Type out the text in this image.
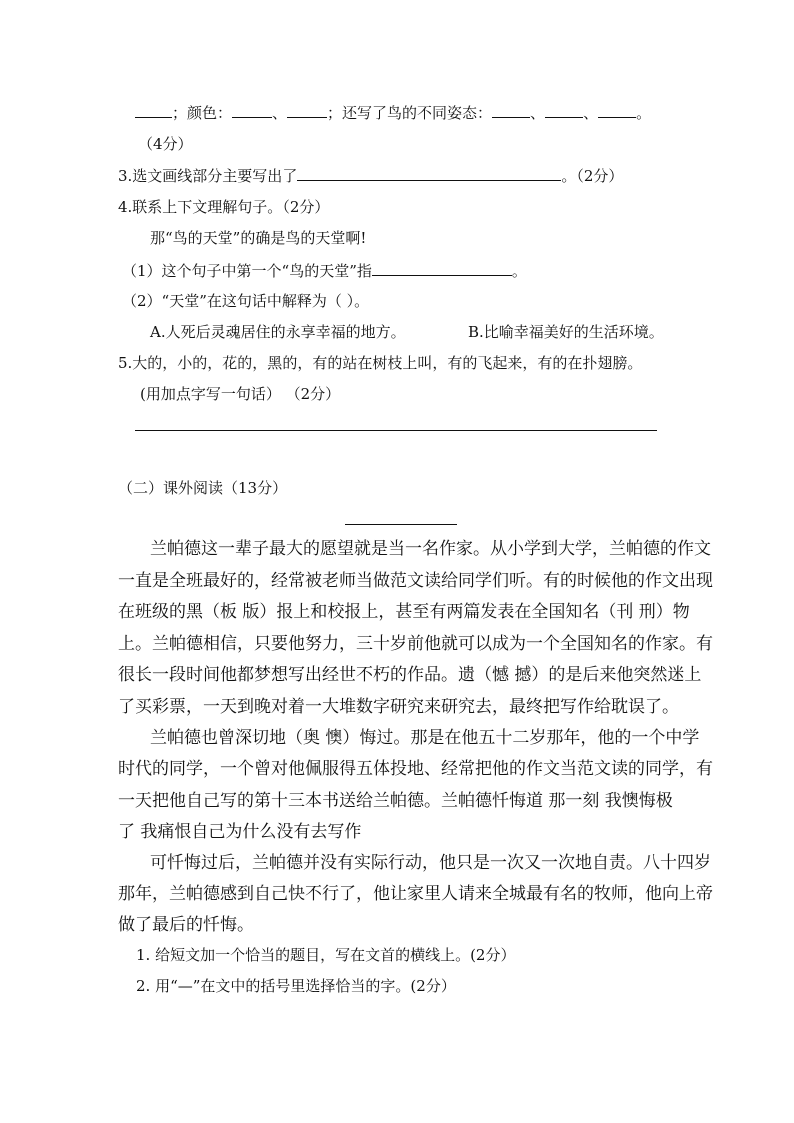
；颜色：	、	；还写了鸟的不同姿态：	、	、	。
（4分）
3.选文画线部分主要写出了	。（2分）
4.联系上下文理解句子。（2分）
那“鸟的天堂”的确是鸟的天堂啊!
（1）这个句子中第一个“鸟的天堂”指	。
（2）“天堂”在这句话中解释为（ ）。
A.人死后灵魂居住的永享幸福的地方。	B.比喻幸福美好的生活环境。
5.大的，小的，花的，黑的，有的站在树枝上叫，有的飞起来，有的在扑翅膀。
(用加点字写一句话） （2分）
（二）课外阅读（13分）
兰帕德这一辈子最大的愿望就是当一名作家。从小学到大学，兰帕德的作文
一直是全班最好的，经常被老师当做范文读给同学们听。有的时候他的作文出现
在班级的黑（板 版）报上和校报上，甚至有两篇发表在全国知名（刊 刑）物
上。兰帕德相信，只要他努力，三十岁前他就可以成为一个全国知名的作家。有
很长一段时间他都梦想写出经世不朽的作品。遗（憾 撼）的是后来他突然迷上
了买彩票，一天到晚对着一大堆数字研究来研究去，最终把写作给耽误了。
兰帕德也曾深切地（奥 懊）悔过。那是在他五十二岁那年，他的一个中学
时代的同学，一个曾对他佩服得五体投地、经常把他的作文当范文读的同学，有
一天把他自己写的第十三本书送给兰帕德。兰帕德忏悔道 那一刻 我懊悔极
了 我痛恨自己为什么没有去写作
可忏悔过后，兰帕德并没有实际行动，他只是一次又一次地自责。八十四岁
那年，兰帕德感到自己快不行了，他让家里人请来全城最有名的牧师，他向上帝
做了最后的忏悔。
1. 给短文加一个恰当的题目，写在文首的横线上。(2分）
2. 用“—”在文中的括号里选择恰当的字。(2分）
